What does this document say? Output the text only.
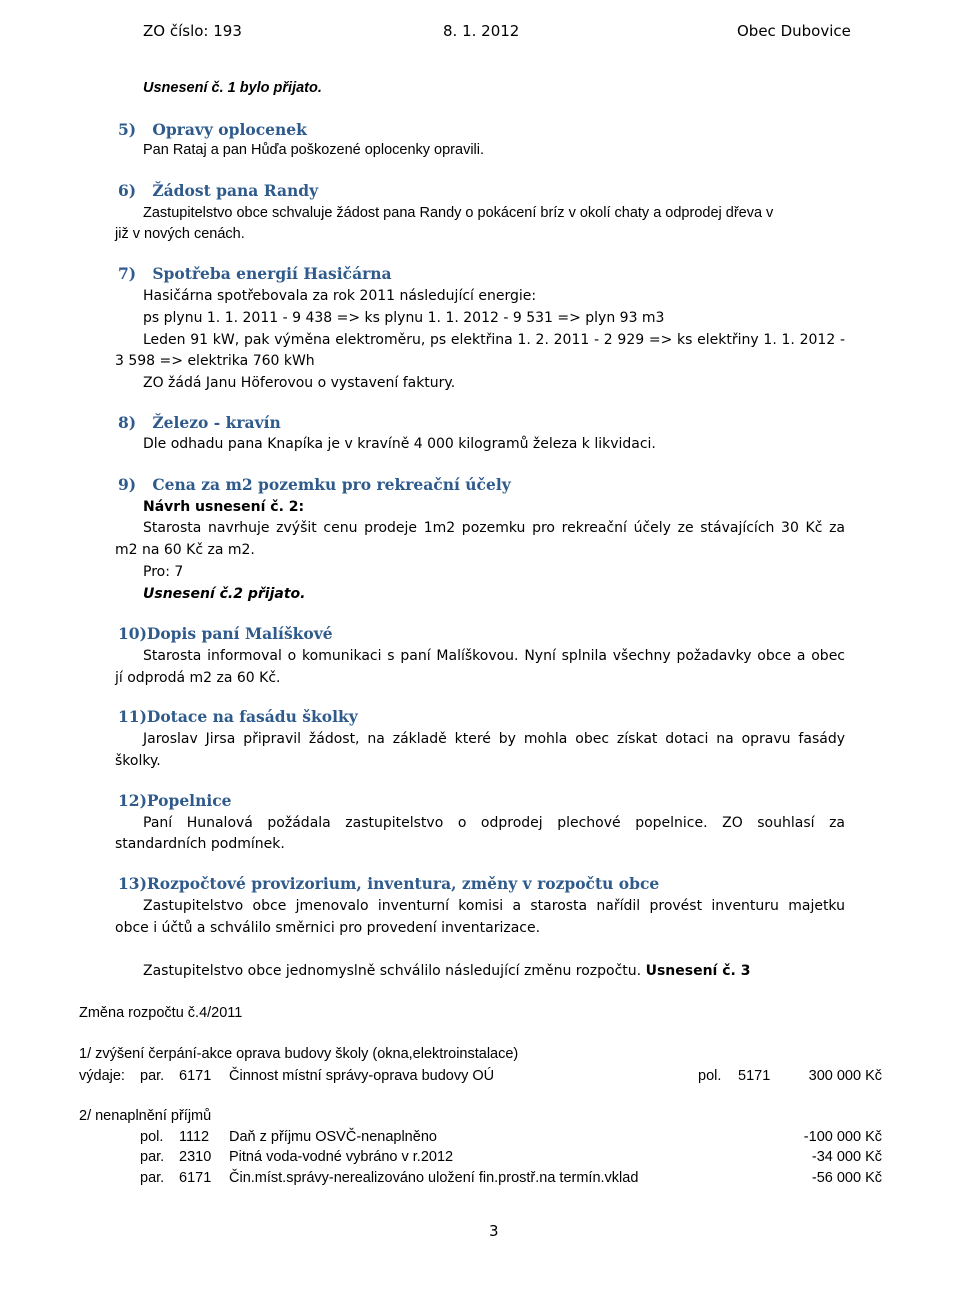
ZO číslo: 193	8. 1. 2012	Obec Dubovice
Usnesení č. 1 bylo přijato.
5) Opravy oplocenek
Pan Rataj a pan Hůďa poškozené oplocenky opravili.
6) Žádost pana Randy
Zastupitelstvo obce schvaluje žádost pana Randy o pokácení bríz v okolí chaty a odprodej dřeva v
již v nových cenách.
7) Spotřeba energií Hasičárna
Hasičárna spotřebovala za rok 2011 následující energie:
ps plynu 1. 1. 2011 - 9 438 => ks plynu 1. 1. 2012 - 9 531 => plyn 93 m3
Leden 91 kW, pak výměna elektroměru, ps elektřina 1. 2. 2011 - 2 929 => ks elektřiny 1. 1. 2012 -
3 598 => elektrika 760 kWh
ZO žádá Janu Höferovou o vystavení faktury.
8) Železo - kravín
Dle odhadu pana Knapíka je v kravíně 4 000 kilogramů železa k likvidaci.
9) Cena za m2 pozemku pro rekreační účely
Návrh usnesení č. 2:
Starosta navrhuje zvýšit cenu prodeje 1m2 pozemku pro rekreační účely ze stávajících 30 Kč za
m2 na 60 Kč za m2.
Pro: 7
Usnesení č.2 přijato.
10)Dopis paní Malíškové
Starosta informoval o komunikaci s paní Malíškovou. Nyní splnila všechny požadavky obce a obec
jí odprodá m2 za 60 Kč.
11)Dotace na fasádu školky
Jaroslav Jirsa připravil žádost, na základě které by mohla obec získat dotaci na opravu fasády
školky.
12)Popelnice
Paní Hunalová požádala zastupitelstvo o odprodej plechové popelnice. ZO souhlasí za
standardních podmínek.
13)Rozpočtové provizorium, inventura, změny v rozpočtu obce
Zastupitelstvo obce jmenovalo inventurní komisi a starosta nařídil provést inventuru majetku
obce i účtů a schválilo směrnici pro provedení inventarizace.
Zastupitelstvo obce jednomyslně schválilo následující změnu rozpočtu. Usnesení č. 3
Změna rozpočtu č.4/2011
1/ zvýšení čerpání-akce oprava budovy školy (okna,elektroinstalace)
výdaje: par. 6171 Činnost místní správy-oprava budovy OÚ	pol. 5171	300 000 Kč
2/ nenaplnění příjmů
pol. 1112 Daň z příjmu OSVČ-nenaplněno	-100 000 Kč
par. 2310 Pitná voda-vodné vybráno v r.2012	-34 000 Kč
par. 6171 Čin.míst.správy-nerealizováno uložení fin.prostř.na termín.vklad	-56 000 Kč
3
